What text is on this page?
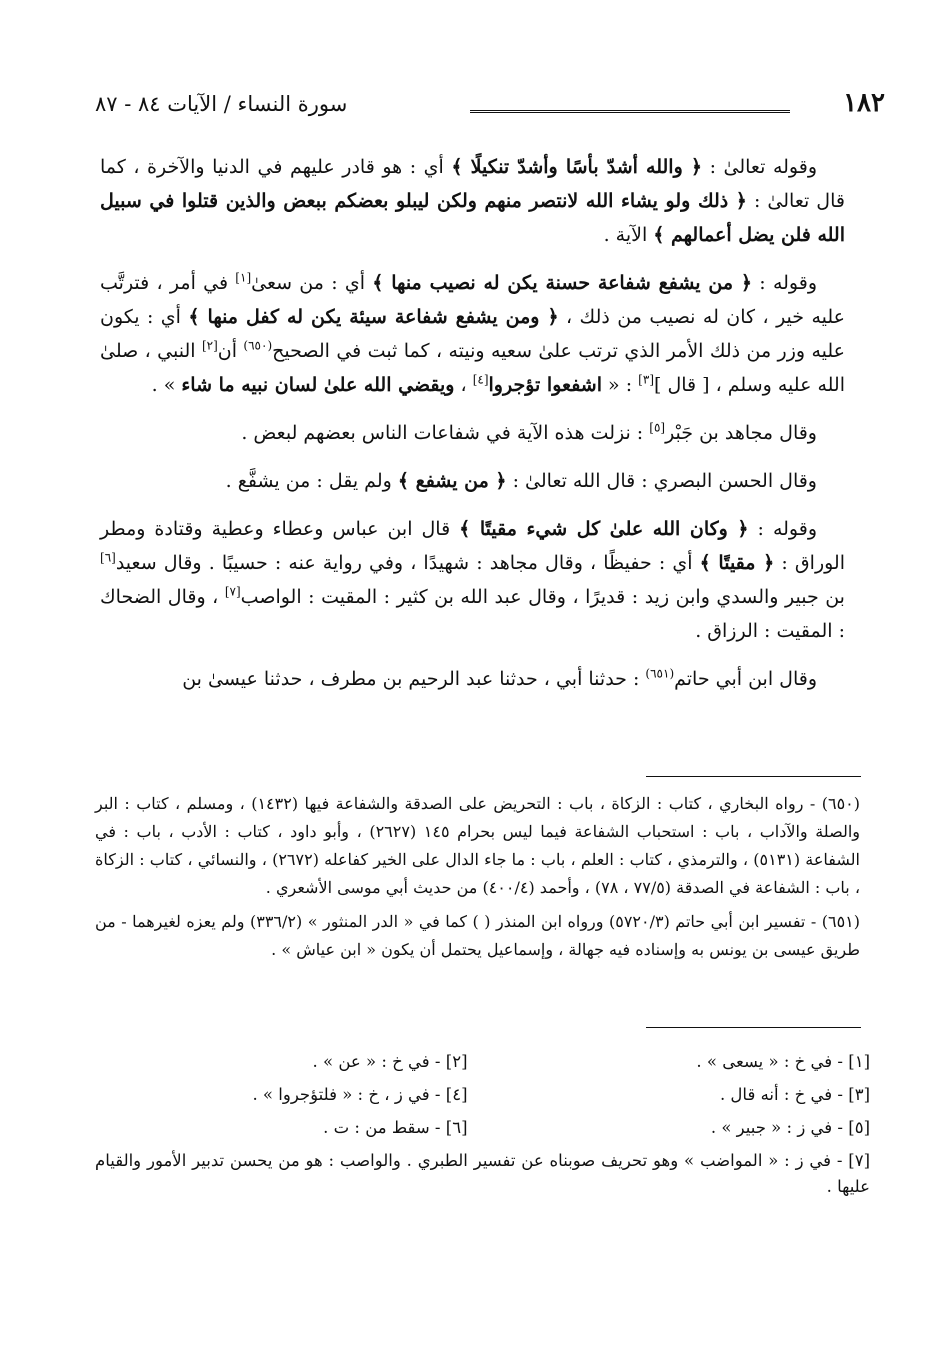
١٨٢
سورة النساء / الآيات ٨٤ - ٨٧

وقوله تعالىٰ : ﴿ والله أشدّ بأسًا وأشدّ تنكيلًا ﴾ أي : هو قادر عليهم في الدنيا والآخرة ، كما قال تعالىٰ : ﴿ ذلك ولو يشاء الله لانتصر منهم ولكن ليبلو بعضكم ببعض والذين قتلوا في سبيل الله فلن يضل أعمالهم ﴾ الآية .

وقوله : ﴿ من يشفع شفاعة حسنة يكن له نصيب منها ﴾ أي : من سعىٰ[١] في أمر ، فترتَّب عليه خير ، كان له نصيب من ذلك ، ﴿ ومن يشفع شفاعة سيئة يكن له كفل منها ﴾ أي : يكون عليه وزر من ذلك الأمر الذي ترتب علىٰ سعيه ونيته ، كما ثبت في الصحيح$^{(٦٥٠)}$ أن[٢] النبي ، صلىٰ الله عليه وسلم ، [ قال ][٣] : « اشفعوا تؤجروا[٤] ، ويقضي الله علىٰ لسان نبيه ما شاء » .

وقال مجاهد بن جَبْر[٥] : نزلت هذه الآية في شفاعات الناس بعضهم لبعض .

وقال الحسن البصري : قال الله تعالىٰ : ﴿ من يشفع ﴾ ولم يقل : من يشفَّع .

وقوله : ﴿ وكان الله علىٰ كل شيء مقيتًا ﴾ قال ابن عباس وعطاء وعطية وقتادة ومطر الوراق : ﴿ مقيتًا ﴾ أي : حفيظًا ، وقال مجاهد : شهيدًا ، وفي رواية عنه : حسيبًا . وقال سعيد[٦] بن جبير والسدي وابن زيد : قديرًا ، وقال عبد الله بن كثير : المقيت : الواصب[٧] ، وقال الضحاك : المقيت : الرزاق .

وقال ابن أبي حاتم$^{(٦٥١)}$ : حدثنا أبي ، حدثنا عبد الرحيم بن مطرف ، حدثنا عيسىٰ بن

(٦٥٠) - رواه البخاري ، كتاب : الزكاة ، باب : التحريض على الصدقة والشفاعة فيها (١٤٣٢) ، ومسلم ، كتاب : البر والصلة والآداب ، باب : استحباب الشفاعة فيما ليس بحرام ١٤٥ (٢٦٢٧) ، وأبو داود ، كتاب : الأدب ، باب : في الشفاعة (٥١٣١) ، والترمذي ، كتاب : العلم ، باب : ما جاء الدال على الخير كفاعله (٢٦٧٢) ، والنسائي ، كتاب : الزكاة ، باب : الشفاعة في الصدقة (٧٧/٥ ، ٧٨) ، وأحمد (٤٠٠/٤) من حديث أبي موسى الأشعري .

(٦٥١) - تفسير ابن أبي حاتم (٥٧٢٠/٣) ورواه ابن المنذر ( ) كما في « الدر المنثور » (٣٣٦/٢) ولم يعزه لغيرهما - من طريق عيسى بن يونس به وإسناده فيه جهالة ، وإسماعيل يحتمل أن يكون « ابن عياش » .

[١] - في خ : « يسعى » .
[٢] - في خ : « عن » .
[٣] - في خ : أنه قال .
[٤] - في ز ، خ : « فلتؤجروا » .
[٥] - في ز : « جبير » .
[٦] - سقط من : ت .
[٧] - في ز : « المواضب » وهو تحريف صوبناه عن تفسير الطبري . والواصب : هو من يحسن تدبير الأمور والقيام عليها .
